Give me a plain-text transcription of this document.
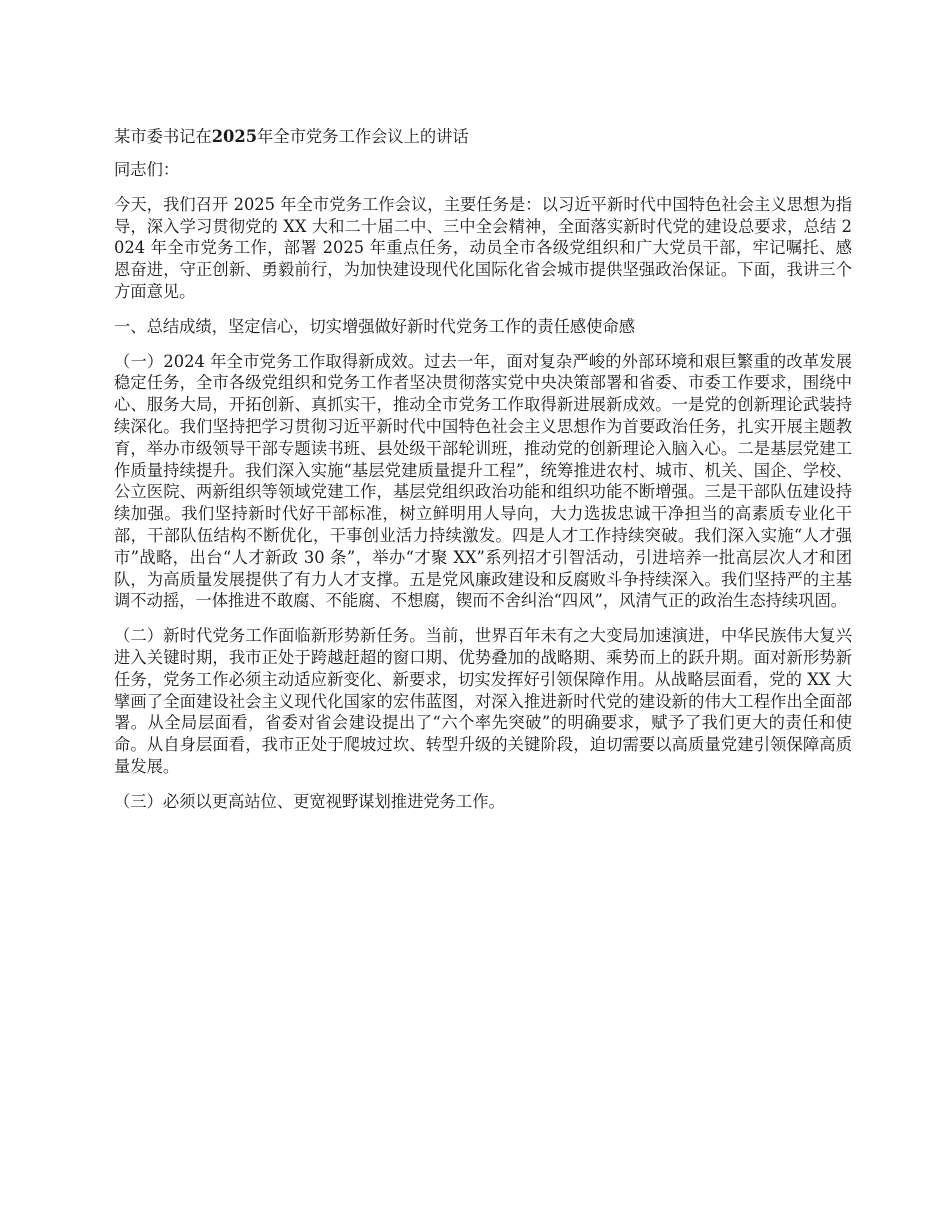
某市委书记在2025年全市党务工作会议上的讲话

同志们：

今天，我们召开 2025 年全市党务工作会议，主要任务是：以习近平新时代中国特色社会主义思想为指导，深入学习贯彻党的 XX 大和二十届二中、三中全会精神，全面落实新时代党的建设总要求，总结 2024 年全市党务工作，部署 2025 年重点任务，动员全市各级党组织和广大党员干部，牢记嘱托、感恩奋进，守正创新、勇毅前行，为加快建设现代化国际化省会城市提供坚强政治保证。下面，我讲三个方面意见。

一、总结成绩，坚定信心，切实增强做好新时代党务工作的责任感使命感

（一）2024 年全市党务工作取得新成效。过去一年，面对复杂严峻的外部环境和艰巨繁重的改革发展稳定任务，全市各级党组织和党务工作者坚决贯彻落实党中央决策部署和省委、市委工作要求，围绕中心、服务大局，开拓创新、真抓实干，推动全市党务工作取得新进展新成效。一是党的创新理论武装持续深化。我们坚持把学习贯彻习近平新时代中国特色社会主义思想作为首要政治任务，扎实开展主题教育，举办市级领导干部专题读书班、县处级干部轮训班，推动党的创新理论入脑入心。二是基层党建工作质量持续提升。我们深入实施“基层党建质量提升工程”，统筹推进农村、城市、机关、国企、学校、公立医院、两新组织等领域党建工作，基层党组织政治功能和组织功能不断增强。三是干部队伍建设持续加强。我们坚持新时代好干部标准，树立鲜明用人导向，大力选拔忠诚干净担当的高素质专业化干部，干部队伍结构不断优化，干事创业活力持续激发。四是人才工作持续突破。我们深入实施“人才强市”战略，出台“人才新政 30 条”，举办“才聚 XX”系列招才引智活动，引进培养一批高层次人才和团队，为高质量发展提供了有力人才支撑。五是党风廉政建设和反腐败斗争持续深入。我们坚持严的主基调不动摇，一体推进不敢腐、不能腐、不想腐，锲而不舍纠治“四风”，风清气正的政治生态持续巩固。

（二）新时代党务工作面临新形势新任务。当前，世界百年未有之大变局加速演进，中华民族伟大复兴进入关键时期，我市正处于跨越赶超的窗口期、优势叠加的战略期、乘势而上的跃升期。面对新形势新任务，党务工作必须主动适应新变化、新要求，切实发挥好引领保障作用。从战略层面看，党的 XX 大擘画了全面建设社会主义现代化国家的宏伟蓝图，对深入推进新时代党的建设新的伟大工程作出全面部署。从全局层面看，省委对省会建设提出了“六个率先突破”的明确要求，赋予了我们更大的责任和使命。从自身层面看，我市正处于爬坡过坎、转型升级的关键阶段，迫切需要以高质量党建引领保障高质量发展。

（三）必须以更高站位、更宽视野谋划推进党务工作。
